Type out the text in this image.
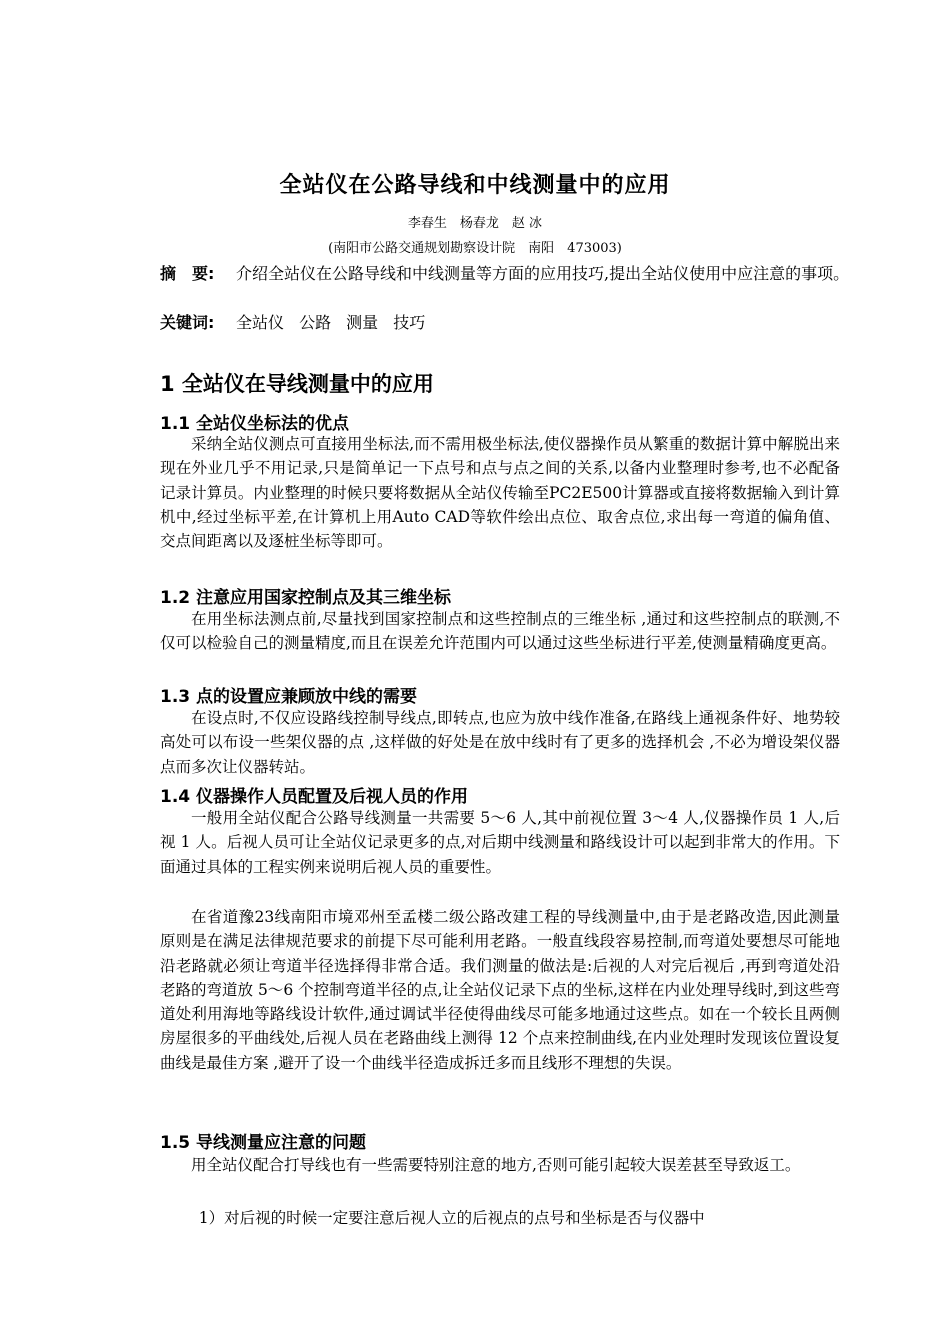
全站仪在公路导线和中线测量中的应用
李春生　杨春龙　赵 冰
(南阳市公路交通规划勘察设计院　南阳　473003)
摘　要: 介绍全站仪在公路导线和中线测量等方面的应用技巧,提出全站仪使用中应注意的事项。
关键词: 全站仪 公路 测量 技巧
1 全站仪在导线测量中的应用
1.1 全站仪坐标法的优点
采纳全站仪测点可直接用坐标法,而不需用极坐标法,使仪器操作员从繁重的数据计算中解脱出来现在外业几乎不用记录,只是简单记一下点号和点与点之间的关系,以备内业整理时参考,也不必配备记录计算员。内业整理的时候只要将数据从全站仪传输至PC2E500计算器或直接将数据输入到计算机中,经过坐标平差,在计算机上用Auto CAD等软件绘出点位、取舍点位,求出每一弯道的偏角值、交点间距离以及逐桩坐标等即可。
1.2 注意应用国家控制点及其三维坐标
在用坐标法测点前,尽量找到国家控制点和这些控制点的三维坐标 ,通过和这些控制点的联测,不仅可以检验自己的测量精度,而且在误差允许范围内可以通过这些坐标进行平差,使测量精确度更高。
1.3 点的设置应兼顾放中线的需要
在设点时,不仅应设路线控制导线点,即转点,也应为放中线作准备,在路线上通视条件好、地势较高处可以布设一些架仪器的点 ,这样做的好处是在放中线时有了更多的选择机会 ,不必为增设架仪器点而多次让仪器转站。
1.4 仪器操作人员配置及后视人员的作用
一般用全站仪配合公路导线测量一共需要 5～6 人,其中前视位置 3～4 人,仪器操作员 1 人,后视 1 人。后视人员可让全站仪记录更多的点,对后期中线测量和路线设计可以起到非常大的作用。下面通过具体的工程实例来说明后视人员的重要性。
在省道豫23线南阳市境邓州至孟楼二级公路改建工程的导线测量中,由于是老路改造,因此测量原则是在满足法律规范要求的前提下尽可能利用老路。一般直线段容易控制,而弯道处要想尽可能地沿老路就必须让弯道半径选择得非常合适。我们测量的做法是:后视的人对完后视后 ,再到弯道处沿老路的弯道放 5～6 个控制弯道半径的点,让全站仪记录下点的坐标,这样在内业处理导线时,到这些弯道处利用海地等路线设计软件,通过调试半径使得曲线尽可能多地通过这些点。如在一个较长且两侧房屋很多的平曲线处,后视人员在老路曲线上测得 12 个点来控制曲线,在内业处理时发现该位置设复曲线是最佳方案 ,避开了设一个曲线半径造成拆迁多而且线形不理想的失误。
1.5 导线测量应注意的问题
用全站仪配合打导线也有一些需要特别注意的地方,否则可能引起较大误差甚至导致返工。
1）对后视的时候一定要注意后视人立的后视点的点号和坐标是否与仪器中
